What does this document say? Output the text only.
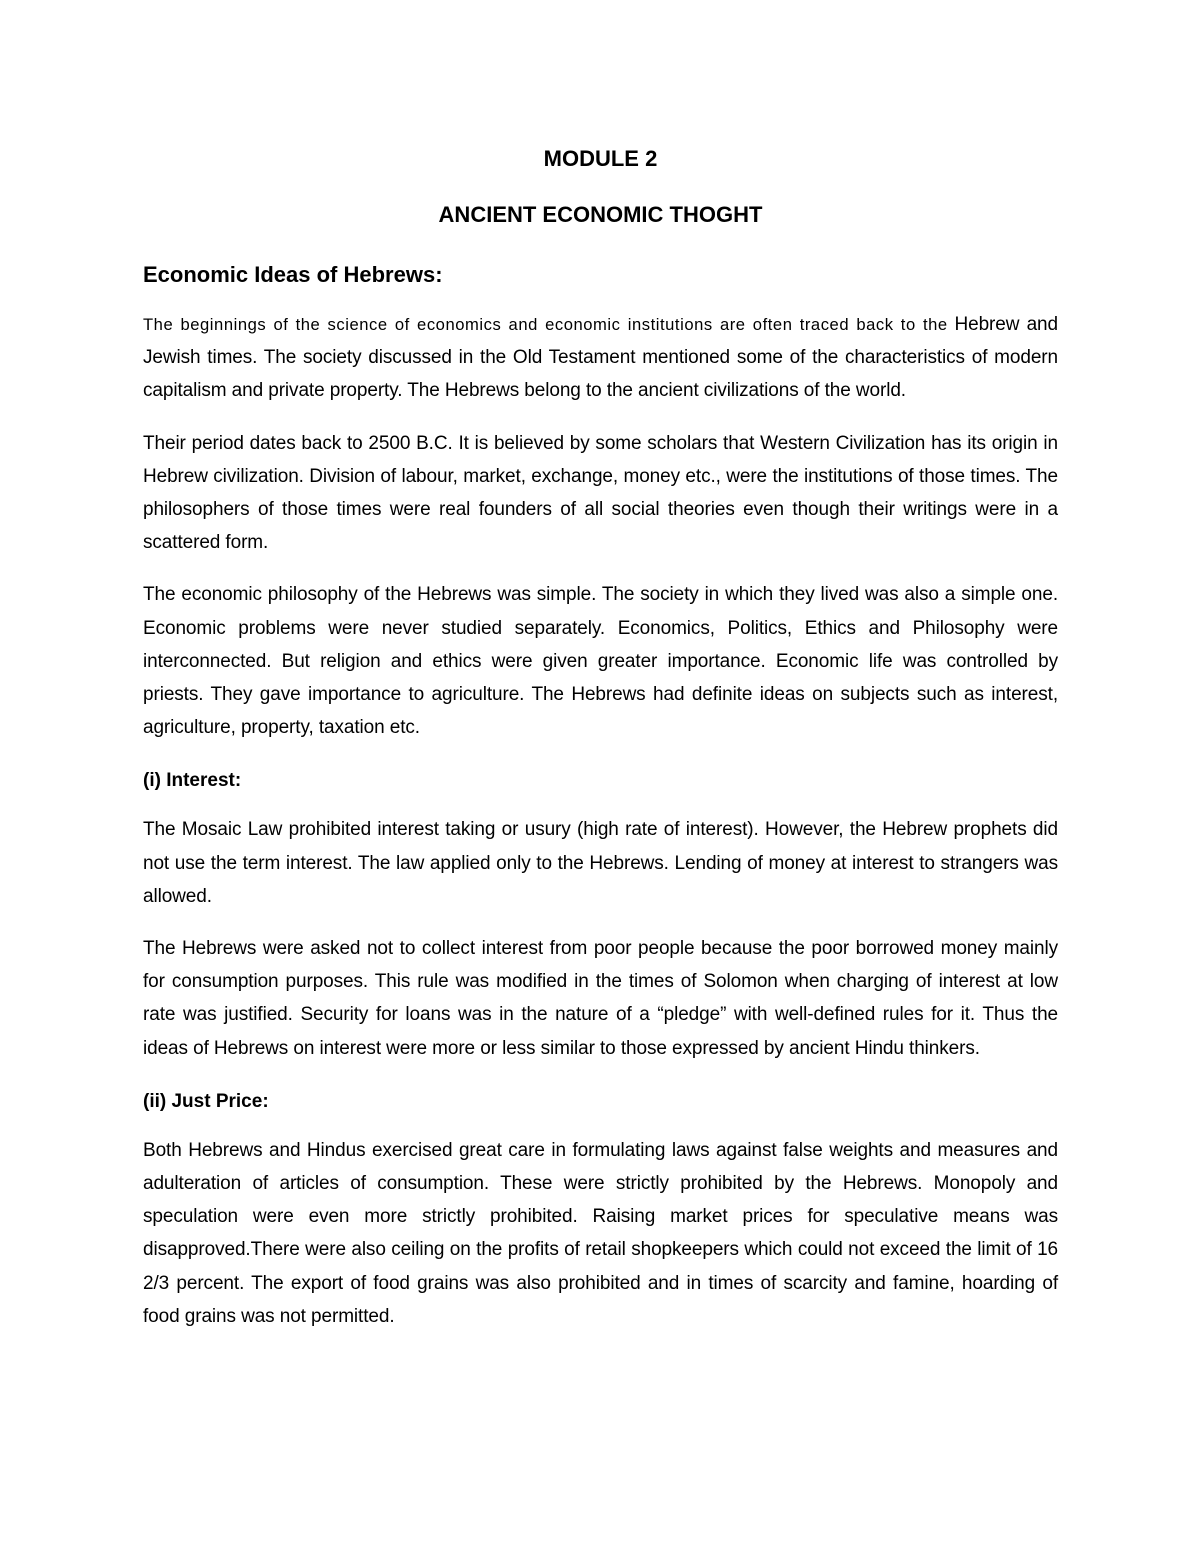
MODULE 2
ANCIENT ECONOMIC THOGHT
Economic Ideas of Hebrews:

The beginnings of the science of economics and economic institutions are often traced back to the Hebrew and Jewish times. The society discussed in the Old Testament mentioned some of the characteristics of modern capitalism and private property. The Hebrews belong to the ancient civilizations of the world.

Their period dates back to 2500 B.C. It is believed by some scholars that Western Civilization has its origin in Hebrew civilization. Division of labour, market, exchange, money etc., were the institutions of those times. The philosophers of those times were real founders of all social theories even though their writings were in a scattered form.

The economic philosophy of the Hebrews was simple. The society in which they lived was also a simple one. Economic problems were never studied separately. Economics, Politics, Ethics and Philosophy were interconnected. But religion and ethics were given greater importance. Economic life was controlled by priests. They gave importance to agriculture. The Hebrews had definite ideas on subjects such as interest, agriculture, property, taxation etc.

(i) Interest:

The Mosaic Law prohibited interest taking or usury (high rate of interest). However, the Hebrew prophets did not use the term interest. The law applied only to the Hebrews. Lending of money at interest to strangers was allowed.

The Hebrews were asked not to collect interest from poor people because the poor borrowed money mainly for consumption purposes. This rule was modified in the times of Solomon when charging of interest at low rate was justified. Security for loans was in the nature of a “pledge” with well-defined rules for it. Thus the ideas of Hebrews on interest were more or less similar to those expressed by ancient Hindu thinkers.

(ii) Just Price:

Both Hebrews and Hindus exercised great care in formulating laws against false weights and measures and adulteration of articles of consumption. These were strictly prohibited by the Hebrews. Monopoly and speculation were even more strictly prohibited. Raising market prices for speculative means was disapproved.There were also ceiling on the profits of retail shopkeepers which could not exceed the limit of 16 2/3 percent. The export of food grains was also prohibited and in times of scarcity and famine, hoarding of food grains was not permitted.
